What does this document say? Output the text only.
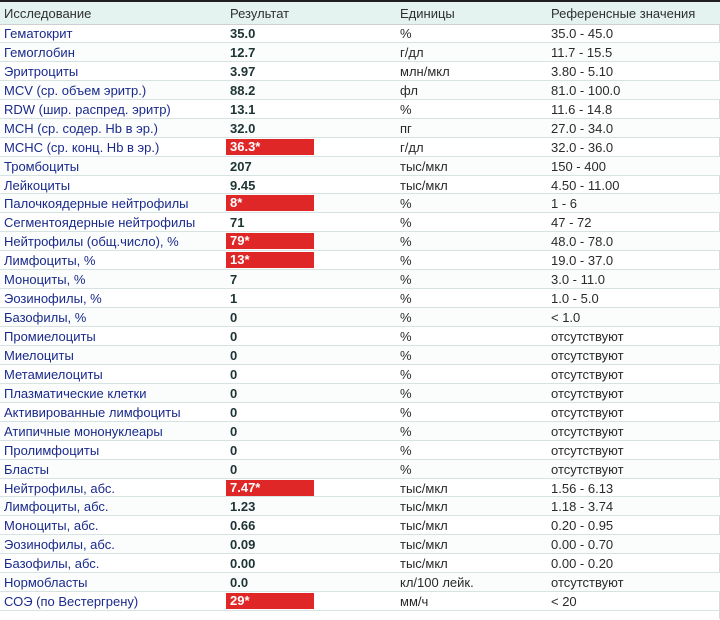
Исследование	Результат	Единицы	Референсные значения
Гематокрит	35.0	%	35.0 - 45.0
Гемоглобин	12.7	г/дл	11.7 - 15.5
Эритроциты	3.97	млн/мкл	3.80 - 5.10
MCV (ср. объем эритр.)	88.2	фл	81.0 - 100.0
RDW (шир. распред. эритр)	13.1	%	11.6 - 14.8
MCH (ср. содер. Hb в эр.)	32.0	пг	27.0 - 34.0
MCHC (ср. конц. Hb в эр.)	36.3*	г/дл	32.0 - 36.0
Тромбоциты	207	тыс/мкл	150 - 400
Лейкоциты	9.45	тыс/мкл	4.50 - 11.00
Палочкоядерные нейтрофилы	8*	%	1 - 6
Сегментоядерные нейтрофилы	71	%	47 - 72
Нейтрофилы (общ.число), %	79*	%	48.0 - 78.0
Лимфоциты, %	13*	%	19.0 - 37.0
Моноциты, %	7	%	3.0 - 11.0
Эозинофилы, %	1	%	1.0 - 5.0
Базофилы, %	0	%	< 1.0
Промиелоциты	0	%	отсутствуют
Миелоциты	0	%	отсутствуют
Метамиелоциты	0	%	отсутствуют
Плазматические клетки	0	%	отсутствуют
Активированные лимфоциты	0	%	отсутствуют
Атипичные мононуклеары	0	%	отсутствуют
Пролимфоциты	0	%	отсутствуют
Бласты	0	%	отсутствуют
Нейтрофилы, абс.	7.47*	тыс/мкл	1.56 - 6.13
Лимфоциты, абс.	1.23	тыс/мкл	1.18 - 3.74
Моноциты, абс.	0.66	тыс/мкл	0.20 - 0.95
Эозинофилы, абс.	0.09	тыс/мкл	0.00 - 0.70
Базофилы, абс.	0.00	тыс/мкл	0.00 - 0.20
Нормобласты	0.0	кл/100 лейк.	отсутствуют
СОЭ (по Вестергрену)	29*	мм/ч	< 20
